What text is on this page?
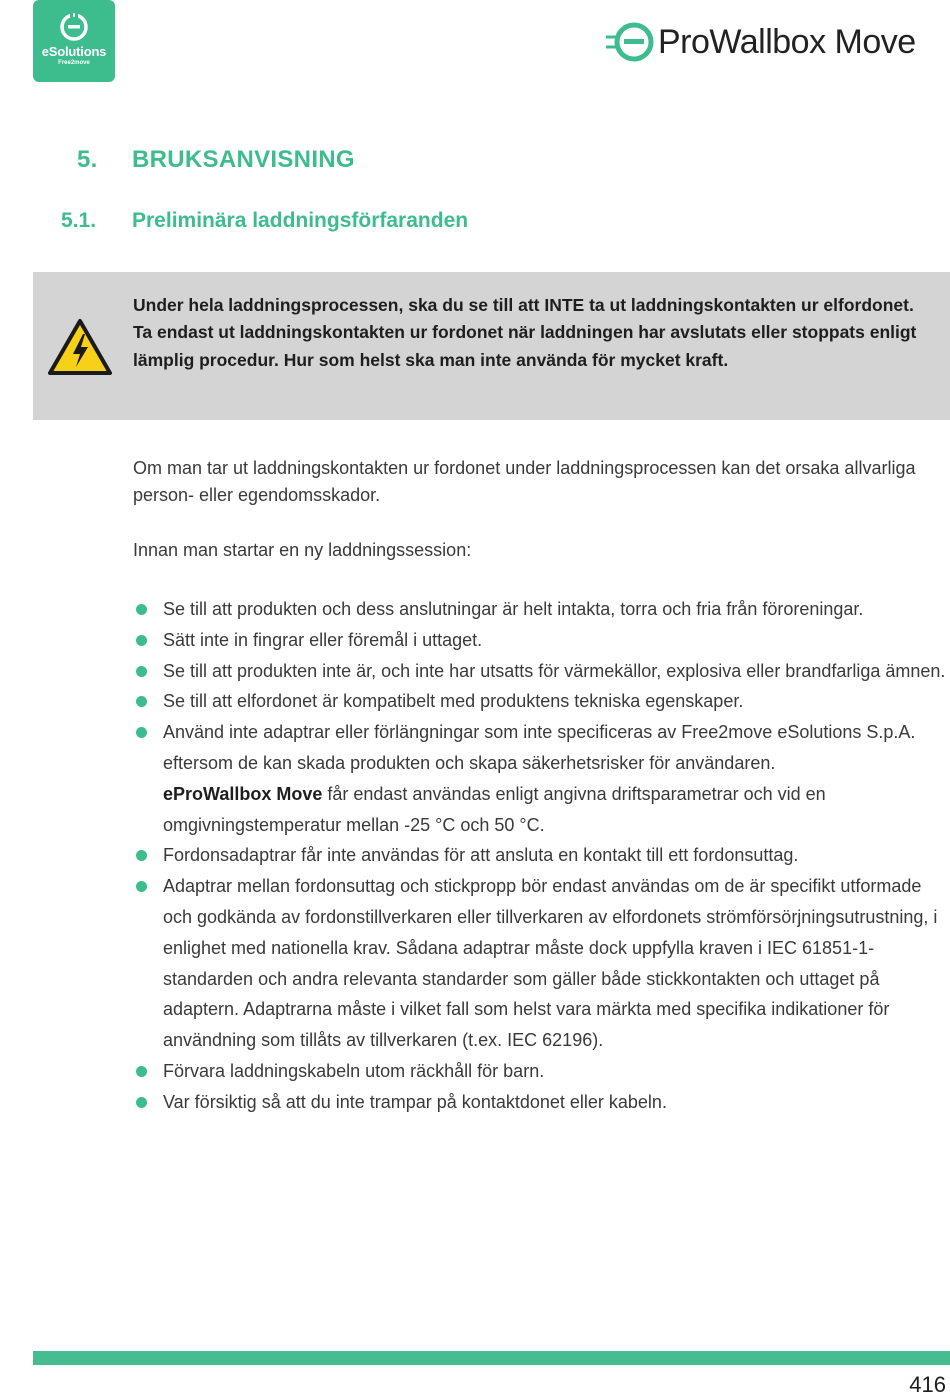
eSolutions
Free2move
ProWallbox Move
5.	BRUKSANVISNING
5.1.	Preliminära laddningsförfaranden
Under hela laddningsprocessen, ska du se till att INTE ta ut laddningskontakten ur elfordonet. Ta endast ut laddningskontakten ur fordonet när laddningen har avslutats eller stoppats enligt lämplig procedur. Hur som helst ska man inte använda för mycket kraft.
Om man tar ut laddningskontakten ur fordonet under laddningsprocessen kan det orsaka allvarliga person- eller egendomsskador.
Innan man startar en ny laddningssession:
Se till att produkten och dess anslutningar är helt intakta, torra och fria från föroreningar.
Sätt inte in fingrar eller föremål i uttaget.
Se till att produkten inte är, och inte har utsatts för värmekällor, explosiva eller brandfarliga ämnen.
Se till att elfordonet är kompatibelt med produktens tekniska egenskaper.
Använd inte adaptrar eller förlängningar som inte specificeras av Free2move eSolutions S.p.A. eftersom de kan skada produkten och skapa säkerhetsrisker för användaren.
eProWallbox Move får endast användas enligt angivna driftsparametrar och vid en omgivningstemperatur mellan -25 °C och 50 °C.
Fordonsadaptrar får inte användas för att ansluta en kontakt till ett fordonsuttag.
Adaptrar mellan fordonsuttag och stickpropp bör endast användas om de är specifikt utformade och godkända av fordonstillverkaren eller tillverkaren av elfordonets strömförsörjningsutrustning, i enlighet med nationella krav. Sådana adaptrar måste dock uppfylla kraven i IEC 61851-1-standarden och andra relevanta standarder som gäller både stickkontakten och uttaget på adaptern. Adaptrarna måste i vilket fall som helst vara märkta med specifika indikationer för användning som tillåts av tillverkaren (t.ex. IEC 62196).
Förvara laddningskabeln utom räckhåll för barn.
Var försiktig så att du inte trampar på kontaktdonet eller kabeln.
416
